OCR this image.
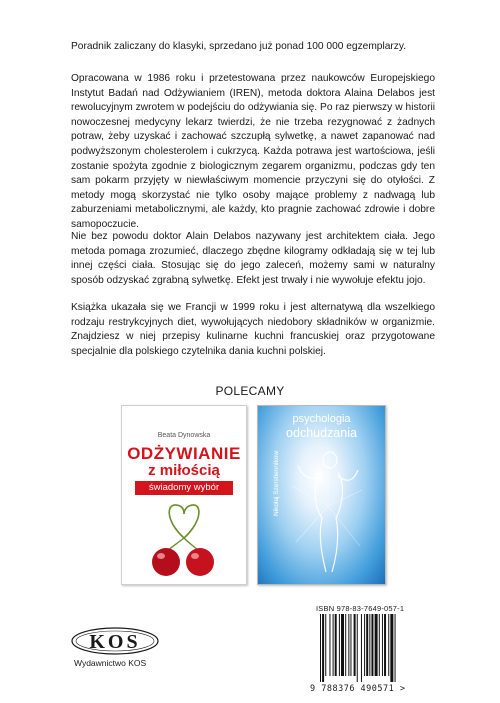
Poradnik zaliczany do klasyki, sprzedano już ponad 100 000 egzemplarzy.

Opracowana w 1986 roku i przetestowana przez naukowców Europejskiego Instytut Badań nad Odżywianiem (IREN), metoda doktora Alaina Delabos jest rewolucyjnym zwrotem w podejściu do odżywiania się. Po raz pierwszy w historii nowoczesnej medycyny lekarz twierdzi, że nie trzeba rezygnować z żadnych potraw, żeby uzyskać i zachować szczupłą sylwetkę, a nawet zapanować nad podwyższonym cholesterolem i cukrzycą. Każda potrawa jest wartościowa, jeśli zostanie spożyta zgodnie z biologicznym zegarem organizmu, podczas gdy ten sam pokarm przyjęty w niewłaściwym momencie przyczyni się do otyłości. Z metody mogą skorzystać nie tylko osoby mające problemy z nadwagą lub zaburzeniami metabolicznymi, ale każdy, kto pragnie zachować zdrowie i dobre samopoczucie.

Nie bez powodu doktor Alain Delabos nazywany jest architektem ciała. Jego metoda pomaga zrozumieć, dlaczego zbędne kilogramy odkładają się w tej lub innej części ciała. Stosując się do jego zaleceń, możemy sami w naturalny sposób odzyskać zgrabną sylwetkę. Efekt jest trwały i nie wywołuje efektu jojo.

Książka ukazała się we Francji w 1999 roku i jest alternatywą dla wszelkiego rodzaju restrykcyjnych diet, wywołujących niedobory składników w organizmie. Znajdziesz w niej przepisy kulinarne kuchni francuskiej oraz przygotowane specjalnie dla polskiego czytelnika dania kuchni polskiej.

POLECAMY
Beata Dynowska
ODŻYWIANIE
z miłością
świadomy wybór
psychologia
odchudzania
Nikołaj Szerstiennikow
KOS
Wydawnictwo KOS
ISBN 978-83-7649-057-1
9 788376 490571 >
